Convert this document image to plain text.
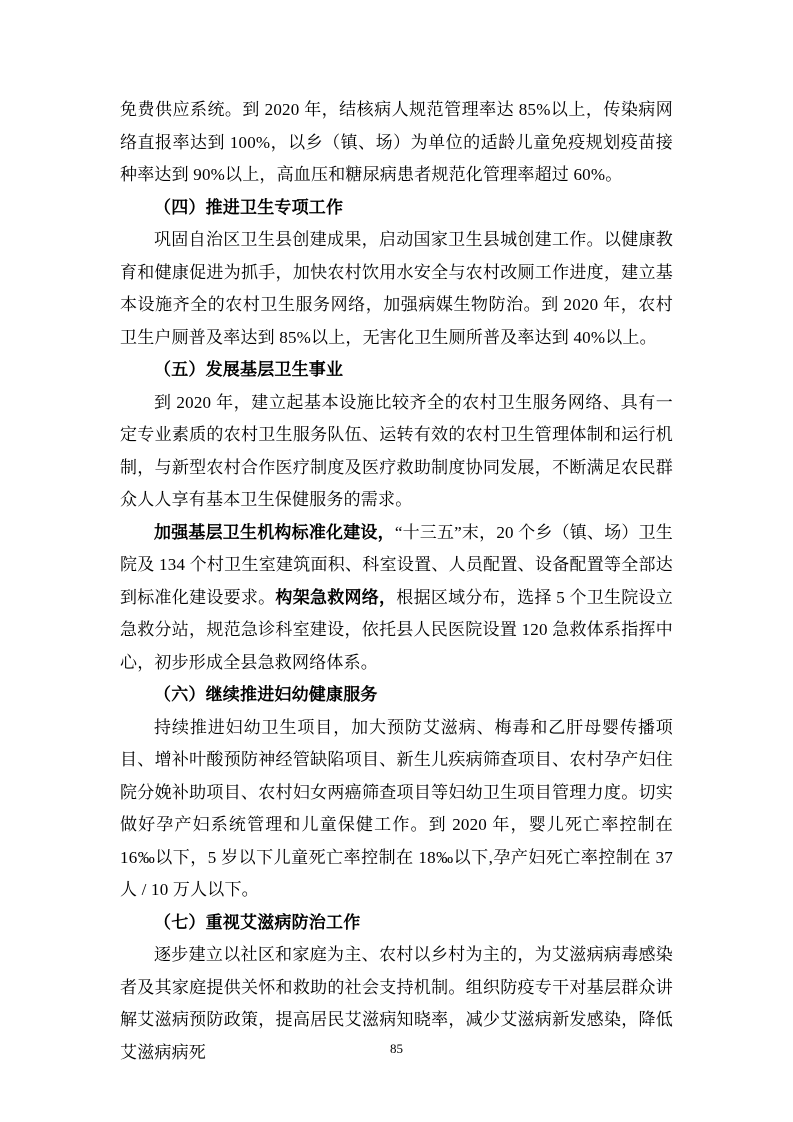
免费供应系统。到 2020 年，结核病人规范管理率达 85%以上，传染病网络直报率达到 100%，以乡（镇、场）为单位的适龄儿童免疫规划疫苗接种率达到 90%以上，高血压和糖尿病患者规范化管理率超过 60%。

（四）推进卫生专项工作

巩固自治区卫生县创建成果，启动国家卫生县城创建工作。以健康教育和健康促进为抓手，加快农村饮用水安全与农村改厕工作进度，建立基本设施齐全的农村卫生服务网络，加强病媒生物防治。到 2020 年，农村卫生户厕普及率达到 85%以上，无害化卫生厕所普及率达到 40%以上。

（五）发展基层卫生事业

到 2020 年，建立起基本设施比较齐全的农村卫生服务网络、具有一定专业素质的农村卫生服务队伍、运转有效的农村卫生管理体制和运行机制，与新型农村合作医疗制度及医疗救助制度协同发展，不断满足农民群众人人享有基本卫生保健服务的需求。

加强基层卫生机构标准化建设，“十三五”末，20 个乡（镇、场）卫生院及 134 个村卫生室建筑面积、科室设置、人员配置、设备配置等全部达到标准化建设要求。构架急救网络，根据区域分布，选择 5 个卫生院设立急救分站，规范急诊科室建设，依托县人民医院设置 120 急救体系指挥中心，初步形成全县急救网络体系。

（六）继续推进妇幼健康服务

持续推进妇幼卫生项目，加大预防艾滋病、梅毒和乙肝母婴传播项目、增补叶酸预防神经管缺陷项目、新生儿疾病筛查项目、农村孕产妇住院分娩补助项目、农村妇女两癌筛查项目等妇幼卫生项目管理力度。切实做好孕产妇系统管理和儿童保健工作。到 2020 年，婴儿死亡率控制在 16‰以下，5 岁以下儿童死亡率控制在 18‰以下,孕产妇死亡率控制在 37 人 / 10 万人以下。

（七）重视艾滋病防治工作

逐步建立以社区和家庭为主、农村以乡村为主的，为艾滋病病毒感染者及其家庭提供关怀和救助的社会支持机制。组织防疫专干对基层群众讲解艾滋病预防政策，提高居民艾滋病知晓率，减少艾滋病新发感染，降低艾滋病病死	85
